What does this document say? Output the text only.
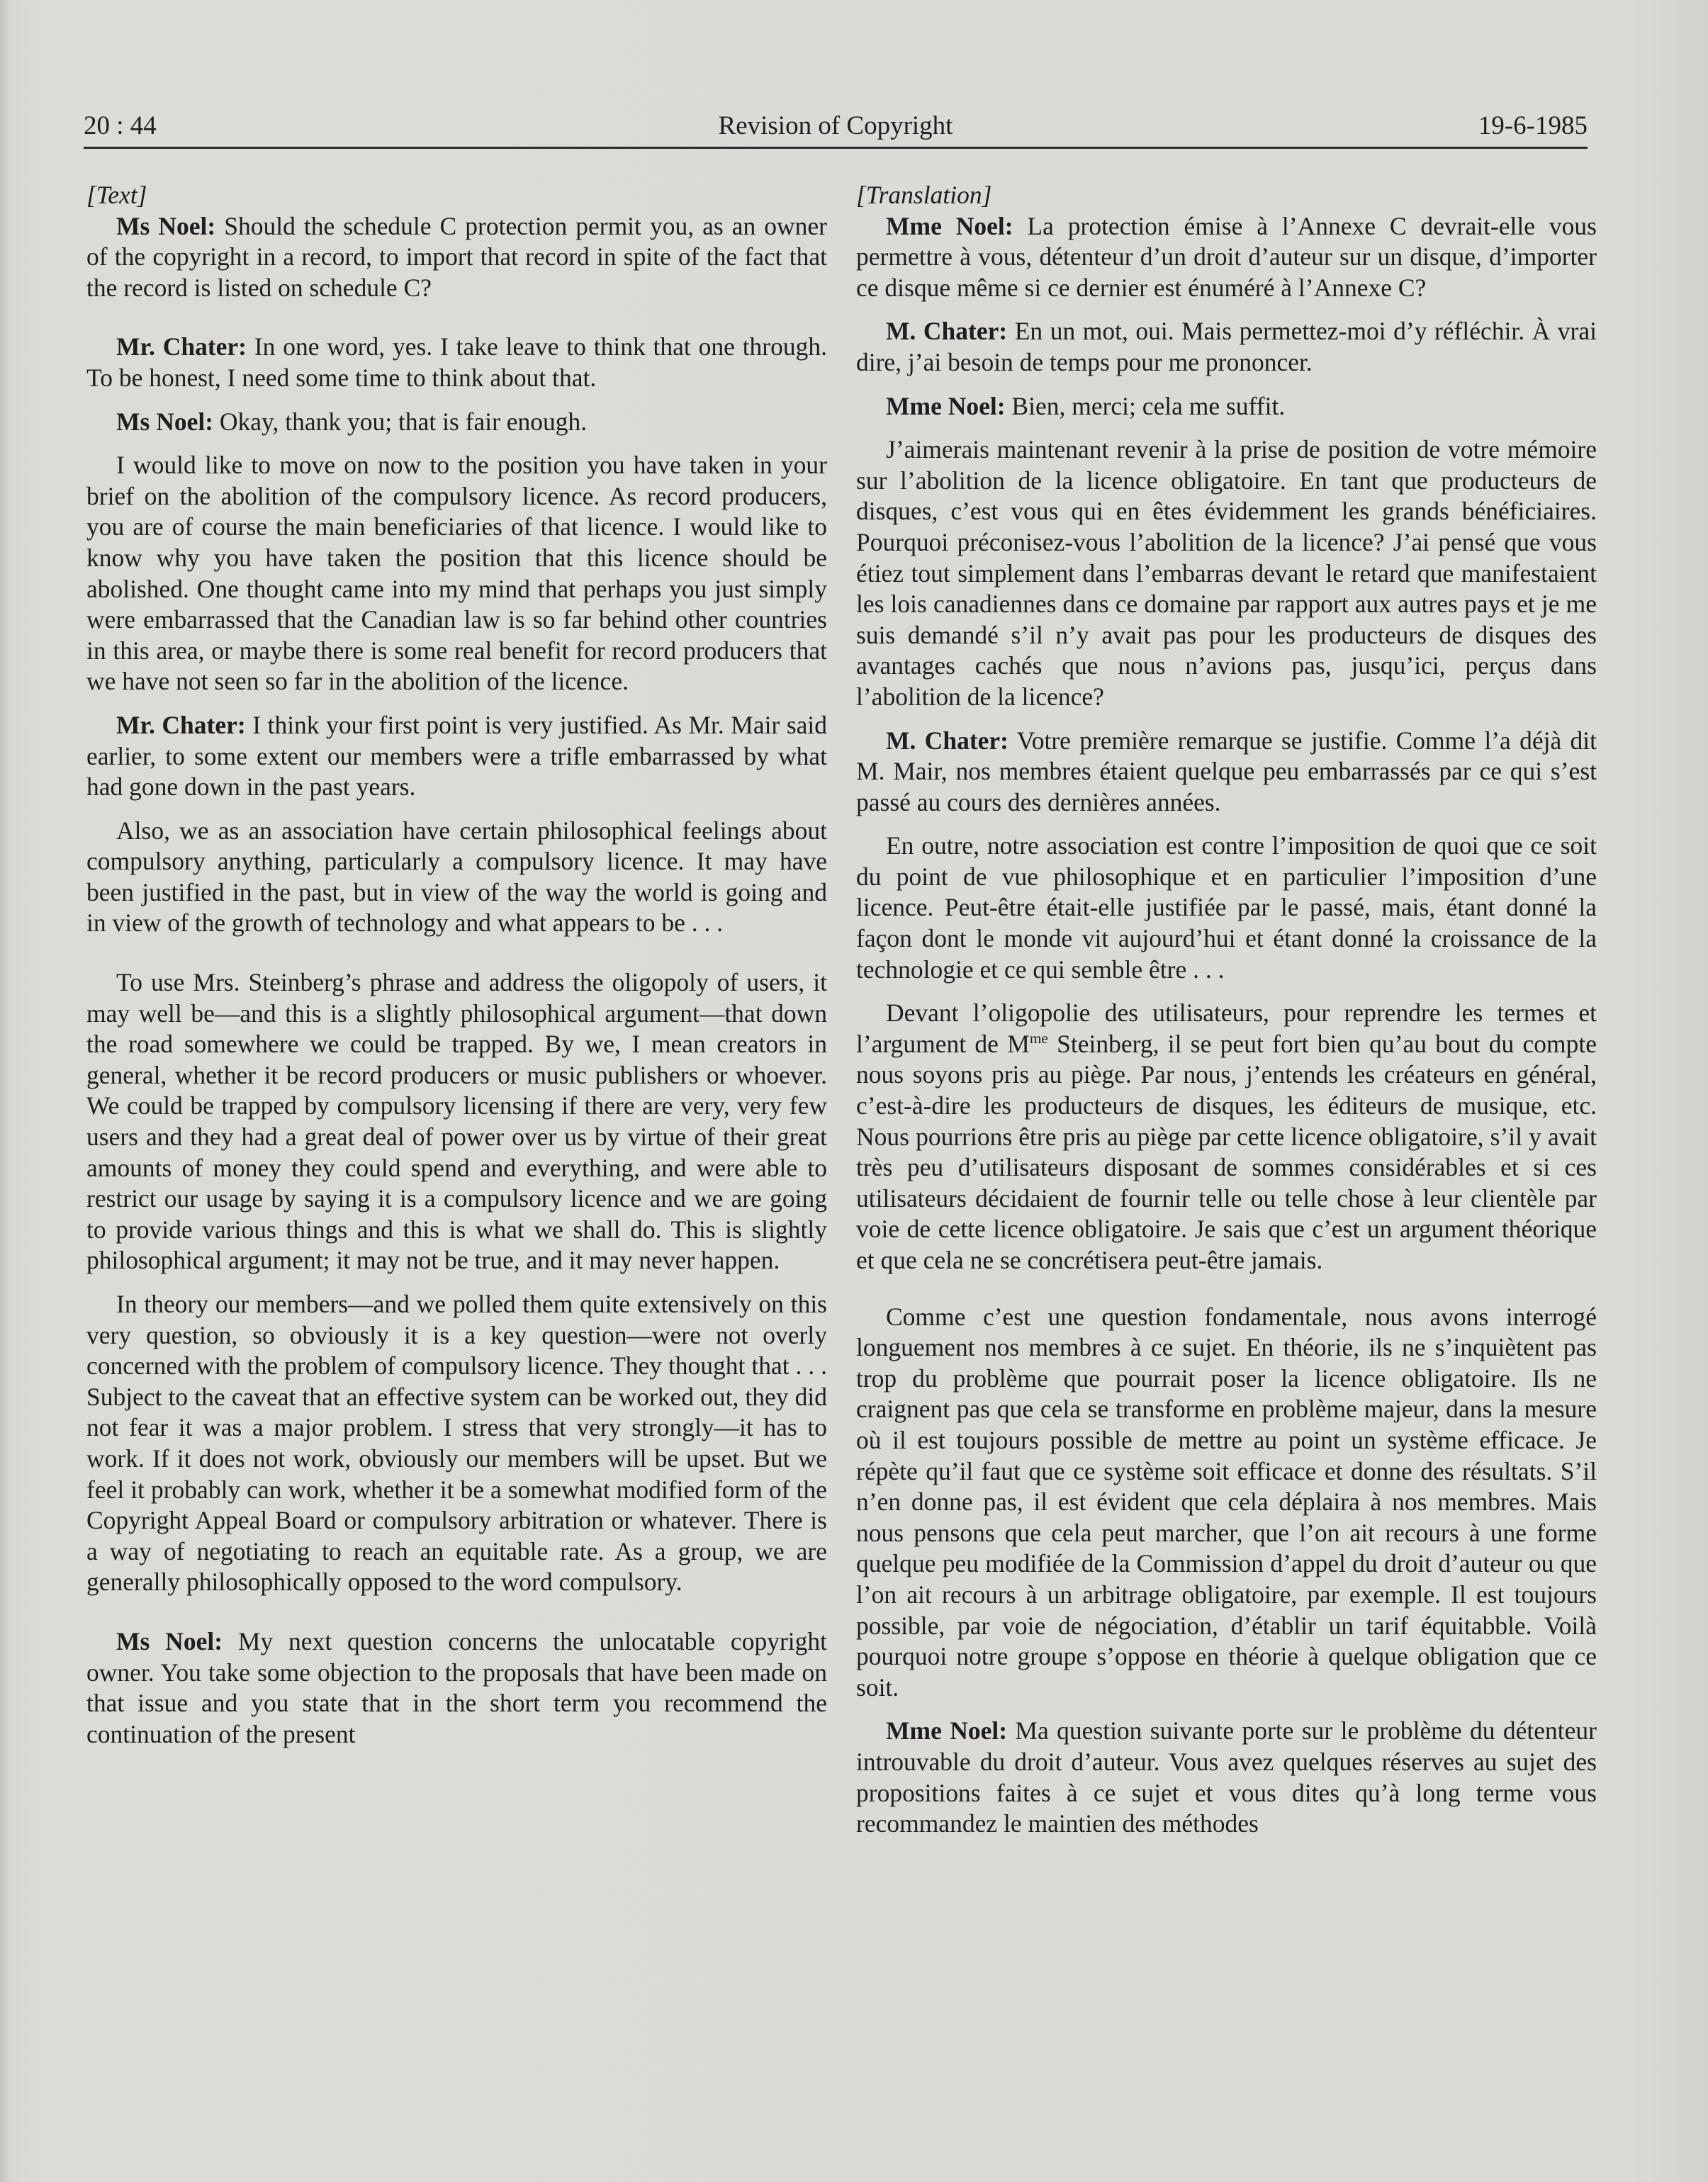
20 : 44	Revision of Copyright	19-6-1985

[Text]

Ms Noel: Should the schedule C protection permit you, as an owner of the copyright in a record, to import that record in spite of the fact that the record is listed on schedule C?

Mr. Chater: In one word, yes. I take leave to think that one through. To be honest, I need some time to think about that.

Ms Noel: Okay, thank you; that is fair enough.

I would like to move on now to the position you have taken in your brief on the abolition of the compulsory licence. As record producers, you are of course the main beneficiaries of that licence. I would like to know why you have taken the position that this licence should be abolished. One thought came into my mind that perhaps you just simply were embarrassed that the Canadian law is so far behind other countries in this area, or maybe there is some real benefit for record producers that we have not seen so far in the abolition of the licence.

Mr. Chater: I think your first point is very justified. As Mr. Mair said earlier, to some extent our members were a trifle embarrassed by what had gone down in the past years.

Also, we as an association have certain philosophical feelings about compulsory anything, particularly a compulsory licence. It may have been justified in the past, but in view of the way the world is going and in view of the growth of technology and what appears to be . . .

To use Mrs. Steinberg’s phrase and address the oligopoly of users, it may well be—and this is a slightly philosophical argument—that down the road somewhere we could be trapped. By we, I mean creators in general, whether it be record producers or music publishers or whoever. We could be trapped by compulsory licensing if there are very, very few users and they had a great deal of power over us by virtue of their great amounts of money they could spend and everything, and were able to restrict our usage by saying it is a compulsory licence and we are going to provide various things and this is what we shall do. This is slightly philosophical argument; it may not be true, and it may never happen.

In theory our members—and we polled them quite extensively on this very question, so obviously it is a key question—were not overly concerned with the problem of compulsory licence. They thought that . . . Subject to the caveat that an effective system can be worked out, they did not fear it was a major problem. I stress that very strongly—it has to work. If it does not work, obviously our members will be upset. But we feel it probably can work, whether it be a somewhat modified form of the Copyright Appeal Board or compulsory arbitration or whatever. There is a way of negotiating to reach an equitable rate. As a group, we are generally philosophically opposed to the word compulsory.

Ms Noel: My next question concerns the unlocatable copyright owner. You take some objection to the proposals that have been made on that issue and you state that in the short term you recommend the continuation of the present

[Translation]

Mme Noel: La protection émise à l’Annexe C devrait-elle vous permettre à vous, détenteur d’un droit d’auteur sur un disque, d’importer ce disque même si ce dernier est énuméré à l’Annexe C?

M. Chater: En un mot, oui. Mais permettez-moi d’y réfléchir. À vrai dire, j’ai besoin de temps pour me prononcer.

Mme Noel: Bien, merci; cela me suffit.

J’aimerais maintenant revenir à la prise de position de votre mémoire sur l’abolition de la licence obligatoire. En tant que producteurs de disques, c’est vous qui en êtes évidemment les grands bénéficiaires. Pourquoi préconisez-vous l’abolition de la licence? J’ai pensé que vous étiez tout simplement dans l’embarras devant le retard que manifestaient les lois canadiennes dans ce domaine par rapport aux autres pays et je me suis demandé s’il n’y avait pas pour les producteurs de disques des avantages cachés que nous n’avions pas, jusqu’ici, perçus dans l’abolition de la licence?

M. Chater: Votre première remarque se justifie. Comme l’a déjà dit M. Mair, nos membres étaient quelque peu embarrassés par ce qui s’est passé au cours des dernières années.

En outre, notre association est contre l’imposition de quoi que ce soit du point de vue philosophique et en particulier l’imposition d’une licence. Peut-être était-elle justifiée par le passé, mais, étant donné la façon dont le monde vit aujourd’hui et étant donné la croissance de la technologie et ce qui semble être . . .

Devant l’oligopolie des utilisateurs, pour reprendre les termes et l’argument de $M^{me}$ Steinberg, il se peut fort bien qu’au bout du compte nous soyons pris au piège. Par nous, j’entends les créateurs en général, c’est-à-dire les producteurs de disques, les éditeurs de musique, etc. Nous pourrions être pris au piège par cette licence obligatoire, s’il y avait très peu d’utilisateurs disposant de sommes considérables et si ces utilisateurs décidaient de fournir telle ou telle chose à leur clientèle par voie de cette licence obligatoire. Je sais que c’est un argument théorique et que cela ne se concrétisera peut-être jamais.

Comme c’est une question fondamentale, nous avons interrogé longuement nos membres à ce sujet. En théorie, ils ne s’inquiètent pas trop du problème que pourrait poser la licence obligatoire. Ils ne craignent pas que cela se transforme en problème majeur, dans la mesure où il est toujours possible de mettre au point un système efficace. Je répète qu’il faut que ce système soit efficace et donne des résultats. S’il n’en donne pas, il est évident que cela déplaira à nos membres. Mais nous pensons que cela peut marcher, que l’on ait recours à une forme quelque peu modifiée de la Commission d’appel du droit d’auteur ou que l’on ait recours à un arbitrage obligatoire, par exemple. Il est toujours possible, par voie de négociation, d’établir un tarif équitabble. Voilà pourquoi notre groupe s’oppose en théorie à quelque obligation que ce soit.

Mme Noel: Ma question suivante porte sur le problème du détenteur introuvable du droit d’auteur. Vous avez quelques réserves au sujet des propositions faites à ce sujet et vous dites qu’à long terme vous recommandez le maintien des méthodes
